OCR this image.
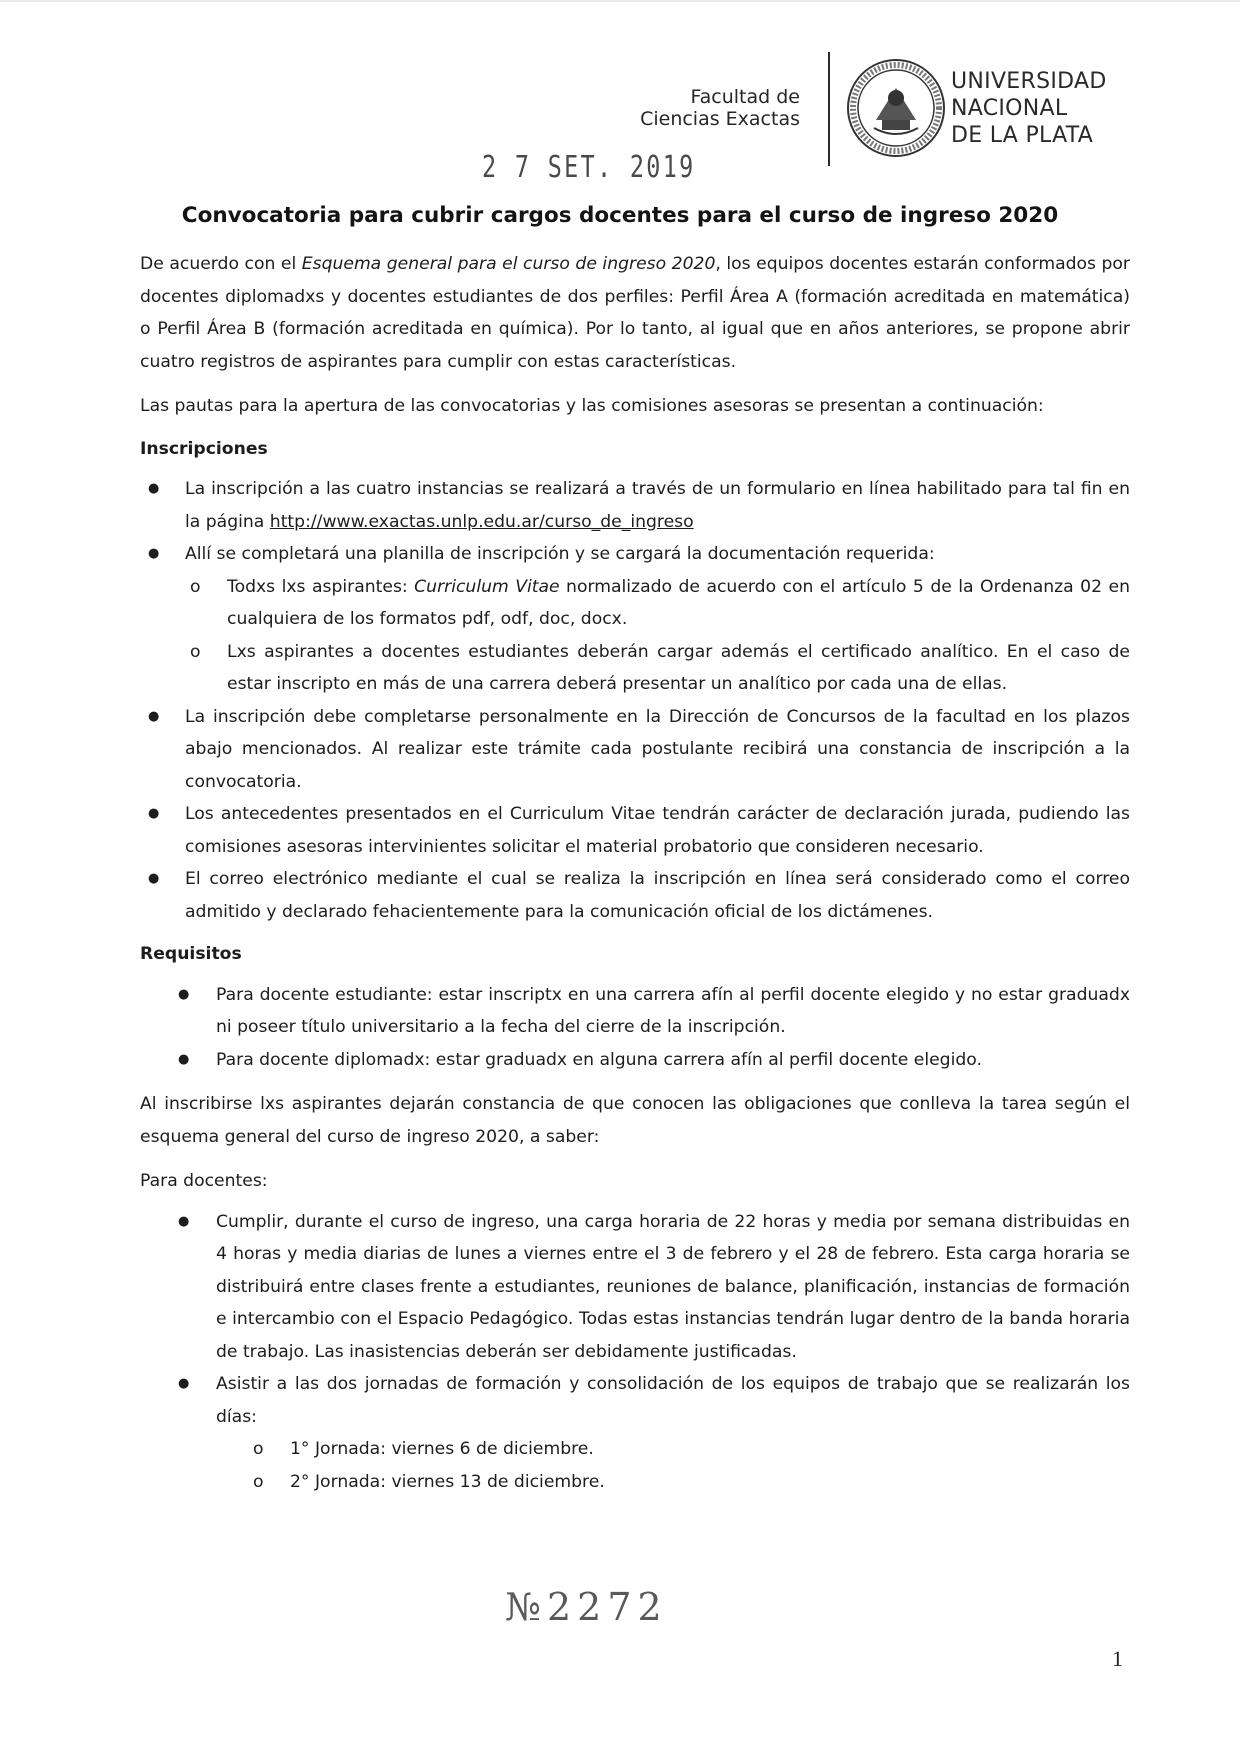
Facultad de
Ciencias Exactas
UNIVERSIDAD
NACIONAL
DE LA PLATA
2 7 SET. 2019
Convocatoria para cubrir cargos docentes para el curso de ingreso 2020

De acuerdo con el Esquema general para el curso de ingreso 2020, los equipos docentes estarán conformados por docentes diplomadxs y docentes estudiantes de dos perfiles: Perfil Área A (formación acreditada en matemática) o Perfil Área B (formación acreditada en química). Por lo tanto, al igual que en años anteriores, se propone abrir cuatro registros de aspirantes para cumplir con estas características.

Las pautas para la apertura de las convocatorias y las comisiones asesoras se presentan a continuación:

Inscripciones

● La inscripción a las cuatro instancias se realizará a través de un formulario en línea habilitado para tal fin en la página http://www.exactas.unlp.edu.ar/curso_de_ingreso
● Allí se completará una planilla de inscripción y se cargará la documentación requerida:
o Todxs lxs aspirantes: Curriculum Vitae normalizado de acuerdo con el artículo 5 de la Ordenanza 02 en cualquiera de los formatos pdf, odf, doc, docx.
o Lxs aspirantes a docentes estudiantes deberán cargar además el certificado analítico. En el caso de estar inscripto en más de una carrera deberá presentar un analítico por cada una de ellas.
● La inscripción debe completarse personalmente en la Dirección de Concursos de la facultad en los plazos abajo mencionados. Al realizar este trámite cada postulante recibirá una constancia de inscripción a la convocatoria.
● Los antecedentes presentados en el Curriculum Vitae tendrán carácter de declaración jurada, pudiendo las comisiones asesoras intervinientes solicitar el material probatorio que consideren necesario.
● El correo electrónico mediante el cual se realiza la inscripción en línea será considerado como el correo admitido y declarado fehacientemente para la comunicación oficial de los dictámenes.

Requisitos

● Para docente estudiante: estar inscriptx en una carrera afín al perfil docente elegido y no estar graduadx ni poseer título universitario a la fecha del cierre de la inscripción.
● Para docente diplomadx: estar graduadx en alguna carrera afín al perfil docente elegido.

Al inscribirse lxs aspirantes dejarán constancia de que conocen las obligaciones que conlleva la tarea según el esquema general del curso de ingreso 2020, a saber:

Para docentes:

● Cumplir, durante el curso de ingreso, una carga horaria de 22 horas y media por semana distribuidas en 4 horas y media diarias de lunes a viernes entre el 3 de febrero y el 28 de febrero. Esta carga horaria se distribuirá entre clases frente a estudiantes, reuniones de balance, planificación, instancias de formación e intercambio con el Espacio Pedagógico. Todas estas instancias tendrán lugar dentro de la banda horaria de trabajo. Las inasistencias deberán ser debidamente justificadas.
● Asistir a las dos jornadas de formación y consolidación de los equipos de trabajo que se realizarán los días:
o 1° Jornada: viernes 6 de diciembre.
o 2° Jornada: viernes 13 de diciembre.
№2272
1
